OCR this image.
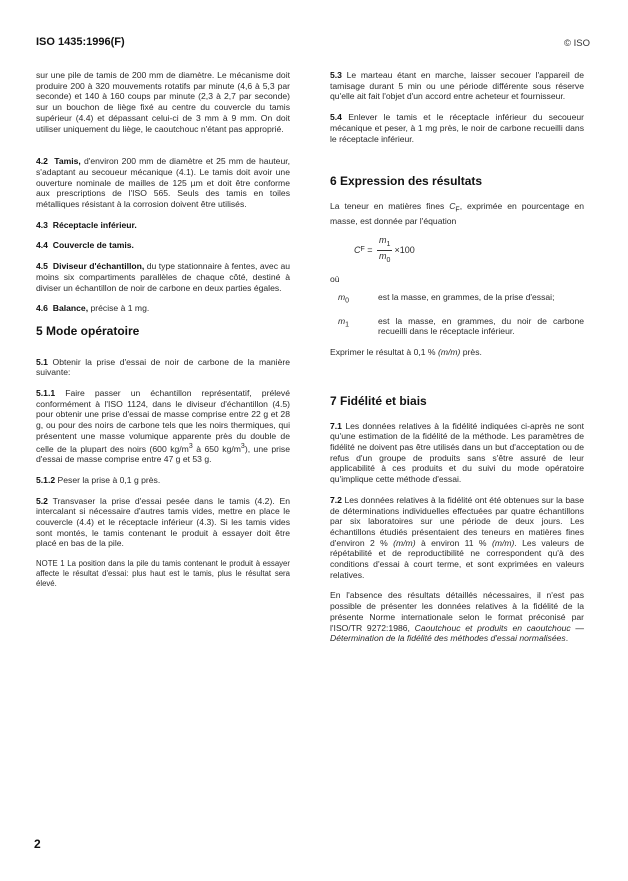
ISO 1435:1996(F)	© ISO

sur une pile de tamis de 200 mm de diamètre. Le mécanisme doit produire 200 à 320 mouvements rotatifs par minute (4,6 à 5,3 par seconde) et 140 à 160 coups par minute (2,3 à 2,7 par seconde) sur un bouchon de liège fixé au centre du couvercle du tamis supérieur (4.4) et dépassant celui-ci de 3 mm à 9 mm. On doit utiliser uniquement du liège, le caoutchouc n'étant pas approprié.

4.2 Tamis, d'environ 200 mm de diamètre et 25 mm de hauteur, s'adaptant au secoueur mécanique (4.1). Le tamis doit avoir une ouverture nominale de mailles de 125 µm et doit être conforme aux prescriptions de l'ISO 565. Seuls des tamis en toiles métalliques résistant à la corrosion doivent être utilisés.

4.3 Réceptacle inférieur.

4.4 Couvercle de tamis.

4.5 Diviseur d'échantillon, du type stationnaire à fentes, avec au moins six compartiments parallèles de chaque côté, destiné à diviser un échantillon de noir de carbone en deux parties égales.

4.6 Balance, précise à 1 mg.

5 Mode opératoire

5.1 Obtenir la prise d'essai de noir de carbone de la manière suivante:

5.1.1 Faire passer un échantillon représentatif, prélevé conformément à l'ISO 1124, dans le diviseur d'échantillon (4.5) pour obtenir une prise d'essai de masse comprise entre 22 g et 28 g, ou pour des noirs de carbone tels que les noirs thermiques, qui présentent une masse volumique apparente près du double de celle de la plupart des noirs (600 $kg/m^3$ à 650 $kg/m^3$), une prise d'essai de masse comprise entre 47 g et 53 g.

5.1.2 Peser la prise à 0,1 g près.

5.2 Transvaser la prise d'essai pesée dans le tamis (4.2). En intercalant si nécessaire d'autres tamis vides, mettre en place le couvercle (4.4) et le réceptacle inférieur (4.3). Si les tamis vides sont montés, le tamis contenant le produit à essayer doit être placé en bas de la pile.

NOTE 1 La position dans la pile du tamis contenant le produit à essayer affecte le résultat d'essai: plus haut est le tamis, plus le résultat sera élevé.

5.3 Le marteau étant en marche, laisser secouer l'appareil de tamisage durant 5 min ou une période différente sous réserve qu'elle ait fait l'objet d'un accord entre acheteur et fournisseur.

5.4 Enlever le tamis et le réceptacle inférieur du secoueur mécanique et peser, à 1 mg près, le noir de carbone recueilli dans le réceptacle inférieur.

6 Expression des résultats

La teneur en matières fines $C_F$, exprimée en pourcentage en masse, est donnée par l'équation

C $F = \frac{m_1}{m_0} \times 100$

où

$m_0$	est la masse, en grammes, de la prise d'essai;
$m_1$	est la masse, en grammes, du noir de carbone recueilli dans le réceptacle inférieur.

Exprimer le résultat à 0,1 % (m/m) près.

7 Fidélité et biais

7.1 Les données relatives à la fidélité indiquées ci-après ne sont qu'une estimation de la fidélité de la méthode. Les paramètres de fidélité ne doivent pas être utilisés dans un but d'acceptation ou de refus d'un groupe de produits sans s'être assuré de leur applicabilité à ces produits et du suivi du mode opératoire qu'implique cette méthode d'essai.

7.2 Les données relatives à la fidélité ont été obtenues sur la base de déterminations individuelles effectuées par quatre échantillons par six laboratoires sur une période de deux jours. Les échantillons étudiés présentaient des teneurs en matières fines d'environ 2 % (m/m) à environ 11 % (m/m). Les valeurs de répétabilité et de reproductibilité ne correspondent qu'à des conditions d'essai à court terme, et sont exprimées en valeurs relatives.

En l'absence des résultats détaillés nécessaires, il n'est pas possible de présenter les données relatives à la fidélité de la présente Norme internationale selon le format préconisé par l'ISO/TR 9272:1986, Caoutchouc et produits en caoutchouc — Détermination de la fidélité des méthodes d'essai normalisées.

2
